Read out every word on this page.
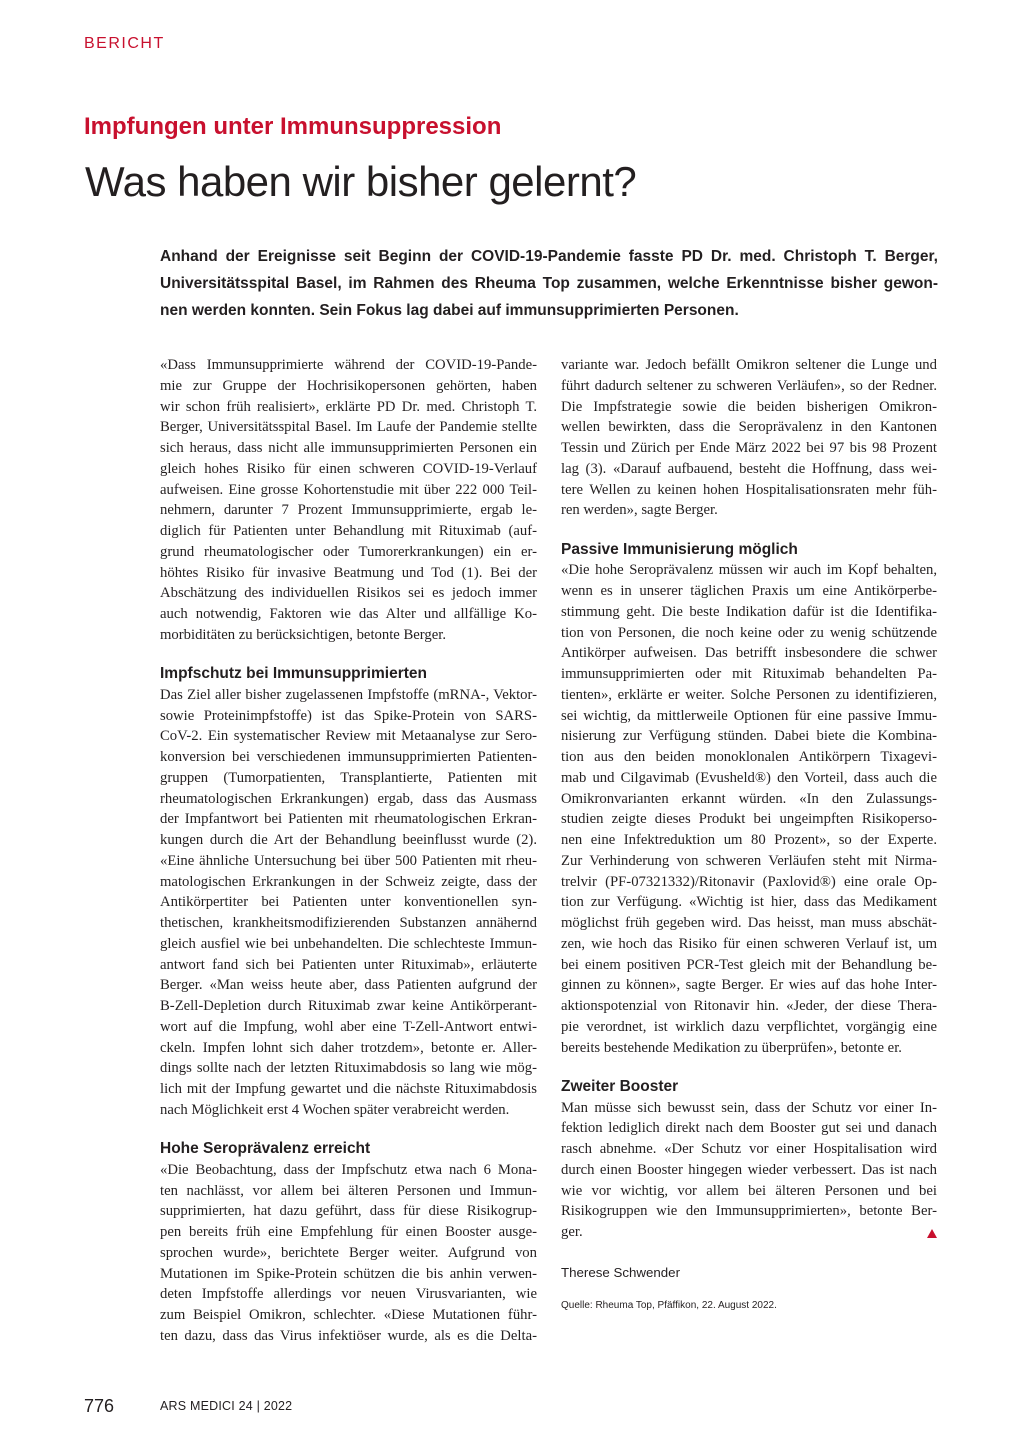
BERICHT
Impfungen unter Immunsuppression
Was haben wir bisher gelernt?
Anhand der Ereignisse seit Beginn der COVID-19-Pandemie fasste PD Dr. med. Christoph T. Berger,
Universitätsspital Basel, im Rahmen des Rheuma Top zusammen, welche Erkenntnisse bisher gewon-
nen werden konnten. Sein Fokus lag dabei auf immunsupprimierten Personen.
«Dass Immunsupprimierte während der COVID-19-Pande-
mie zur Gruppe der Hochrisikopersonen gehörten, haben
wir schon früh realisiert», erklärte PD Dr. med. Christoph T.
Berger, Universitätsspital Basel. Im Laufe der Pandemie stellte
sich heraus, dass nicht alle immunsupprimierten Personen ein
gleich hohes Risiko für einen schweren COVID-19-Verlauf
aufweisen. Eine grosse Kohortenstudie mit über 222 000 Teil-
nehmern, darunter 7 Prozent Immunsupprimierte, ergab le-
diglich für Patienten unter Behandlung mit Rituximab (auf-
grund rheumatologischer oder Tumorerkrankungen) ein er-
höhtes Risiko für invasive Beatmung und Tod (1). Bei der
Abschätzung des individuellen Risikos sei es jedoch immer
auch notwendig, Faktoren wie das Alter und allfällige Ko-
morbiditäten zu berücksichtigen, betonte Berger.
Impfschutz bei Immunsupprimierten
Das Ziel aller bisher zugelassenen Impfstoffe (mRNA-, Vektor-
sowie Proteinimpfstoffe) ist das Spike-Protein von SARS-
CoV-2. Ein systematischer Review mit Metaanalyse zur Sero-
konversion bei verschiedenen immunsupprimierten Patienten-
gruppen (Tumorpatienten, Transplantierte, Patienten mit
rheumatologischen Erkrankungen) ergab, dass das Ausmass
der Impfantwort bei Patienten mit rheumatologischen Erkran-
kungen durch die Art der Behandlung beeinflusst wurde (2).
«Eine ähnliche Untersuchung bei über 500 Patienten mit rheu-
matologischen Erkrankungen in der Schweiz zeigte, dass der
Antikörpertiter bei Patienten unter konventionellen syn-
thetischen, krankheitsmodifizierenden Substanzen annähernd
gleich ausfiel wie bei unbehandelten. Die schlechteste Immun-
antwort fand sich bei Patienten unter Rituximab», erläuterte
Berger. «Man weiss heute aber, dass Patienten aufgrund der
B-Zell-Depletion durch Rituximab zwar keine Antikörperant-
wort auf die Impfung, wohl aber eine T-Zell-Antwort entwi-
ckeln. Impfen lohnt sich daher trotzdem», betonte er. Aller-
dings sollte nach der letzten Rituximabdosis so lang wie mög-
lich mit der Impfung gewartet und die nächste Rituximabdosis
nach Möglichkeit erst 4 Wochen später verabreicht werden.
Hohe Seroprävalenz erreicht
«Die Beobachtung, dass der Impfschutz etwa nach 6 Mona-
ten nachlässt, vor allem bei älteren Personen und Immun-
supprimierten, hat dazu geführt, dass für diese Risikogrup-
pen bereits früh eine Empfehlung für einen Booster ausge-
sprochen wurde», berichtete Berger weiter. Aufgrund von
Mutationen im Spike-Protein schützen die bis anhin verwen-
deten Impfstoffe allerdings vor neuen Virusvarianten, wie
zum Beispiel Omikron, schlechter. «Diese Mutationen führ-
ten dazu, dass das Virus infektiöser wurde, als es die Delta-
variante war. Jedoch befällt Omikron seltener die Lunge und
führt dadurch seltener zu schweren Verläufen», so der Redner.
Die Impfstrategie sowie die beiden bisherigen Omikron-
wellen bewirkten, dass die Seroprävalenz in den Kantonen
Tessin und Zürich per Ende März 2022 bei 97 bis 98 Prozent
lag (3). «Darauf aufbauend, besteht die Hoffnung, dass wei-
tere Wellen zu keinen hohen Hospitalisationsraten mehr füh-
ren werden», sagte Berger.
Passive Immunisierung möglich
«Die hohe Seroprävalenz müssen wir auch im Kopf behalten,
wenn es in unserer täglichen Praxis um eine Antikörperbe-
stimmung geht. Die beste Indikation dafür ist die Identifika-
tion von Personen, die noch keine oder zu wenig schützende
Antikörper aufweisen. Das betrifft insbesondere die schwer
immunsupprimierten oder mit Rituximab behandelten Pa-
tienten», erklärte er weiter. Solche Personen zu identifizieren,
sei wichtig, da mittlerweile Optionen für eine passive Immu-
nisierung zur Verfügung stünden. Dabei biete die Kombina-
tion aus den beiden monoklonalen Antikörpern Tixagevi-
mab und Cilgavimab (Evusheld®) den Vorteil, dass auch die
Omikronvarianten erkannt würden. «In den Zulassungs-
studien zeigte dieses Produkt bei ungeimpften Risikoperso-
nen eine Infektreduktion um 80 Prozent», so der Experte.
Zur Verhinderung von schweren Verläufen steht mit Nirma-
trelvir (PF-07321332)/Ritonavir (Paxlovid®) eine orale Op-
tion zur Verfügung. «Wichtig ist hier, dass das Medikament
möglichst früh gegeben wird. Das heisst, man muss abschät-
zen, wie hoch das Risiko für einen schweren Verlauf ist, um
bei einem positiven PCR-Test gleich mit der Behandlung be-
ginnen zu können», sagte Berger. Er wies auf das hohe Inter-
aktionspotenzial von Ritonavir hin. «Jeder, der diese Thera-
pie verordnet, ist wirklich dazu verpflichtet, vorgängig eine
bereits bestehende Medikation zu überprüfen», betonte er.
Zweiter Booster
Man müsse sich bewusst sein, dass der Schutz vor einer In-
fektion lediglich direkt nach dem Booster gut sei und danach
rasch abnehme. «Der Schutz vor einer Hospitalisation wird
durch einen Booster hingegen wieder verbessert. Das ist nach
wie vor wichtig, vor allem bei älteren Personen und bei
Risikogruppen wie den Immunsupprimierten», betonte Ber-
ger.
Therese Schwender
Quelle: Rheuma Top, Pfäffikon, 22. August 2022.
776	ARS MEDICI 24 | 2022
